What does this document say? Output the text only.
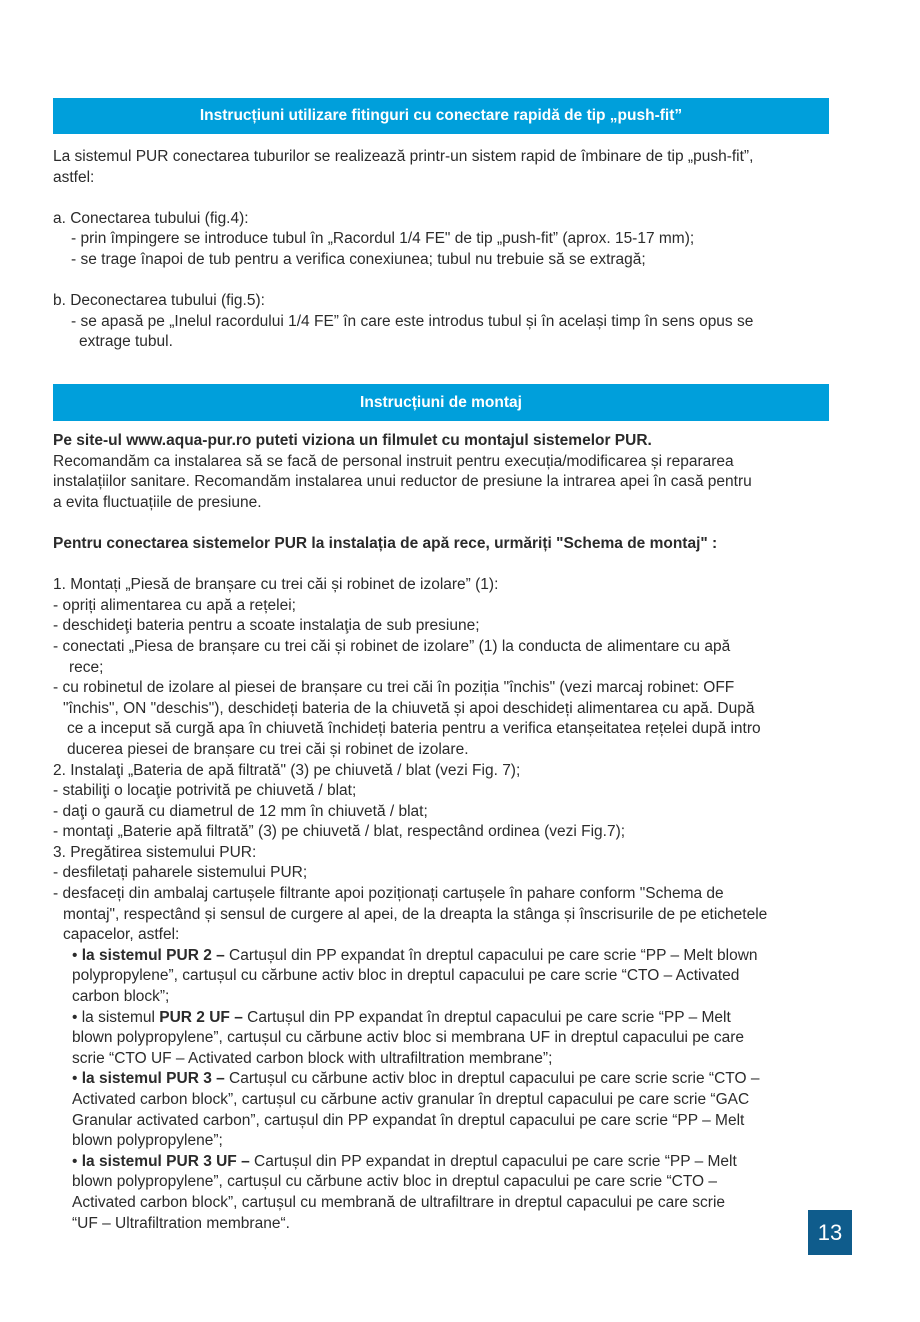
Instrucțiuni utilizare fitinguri cu conectare rapidă de tip „push-fit”
La sistemul PUR conectarea tuburilor se realizează printr-un sistem rapid de îmbinare de tip „push-fit”,
astfel:
a. Conectarea tubului (fig.4):
- prin împingere se introduce tubul în „Racordul 1/4 FE" de tip „push-fit” (aprox. 15-17 mm);
- se trage înapoi de tub pentru a verifica conexiunea; tubul nu trebuie să se extragă;
b. Deconectarea tubului (fig.5):
- se apasă pe „Inelul racordului 1/4 FE” în care este introdus tubul și în același timp în sens opus se
extrage tubul.
Instrucțiuni de montaj
Pe site-ul www.aqua-pur.ro puteti viziona un filmulet cu montajul sistemelor PUR.
Recomandăm ca instalarea să se facă de personal instruit pentru execuția/modificarea și repararea
instalațiilor sanitare. Recomandăm instalarea unui reductor de presiune la intrarea apei în casă pentru
a evita fluctuațiile de presiune.
Pentru conectarea sistemelor PUR la instalația de apă rece, urmăriți "Schema de montaj" :
1. Montați „Piesă de branșare cu trei căi și robinet de izolare” (1):
- opriți alimentarea cu apă a rețelei;
- deschideţi bateria pentru a scoate instalaţia de sub presiune;
- conectati „Piesa de branșare cu trei căi și robinet de izolare” (1) la conducta de alimentare cu apă
rece;
- cu robinetul de izolare al piesei de branșare cu trei căi în poziția "închis" (vezi marcaj robinet: OFF
"închis", ON "deschis"), deschideți bateria de la chiuvetă și apoi deschideți alimentarea cu apă. După
ce a inceput să curgă apa în chiuvetă închideți bateria pentru a verifica etanșeitatea rețelei după intro
ducerea piesei de branșare cu trei căi și robinet de izolare.
2. Instalaţi „Bateria de apă filtrată" (3) pe chiuvetă / blat (vezi Fig. 7);
- stabiliţi o locaţie potrivită pe chiuvetă / blat;
- daţi o gaură cu diametrul de 12 mm în chiuvetă / blat;
- montaţi „Baterie apă filtrată” (3) pe chiuvetă / blat, respectând ordinea (vezi Fig.7);
3. Pregătirea sistemului PUR:
- desfiletați paharele sistemului PUR;
- desfaceți din ambalaj cartușele filtrante apoi poziționați cartușele în pahare conform "Schema de
montaj", respectând și sensul de curgere al apei, de la dreapta la stânga și înscrisurile de pe etichetele
capacelor, astfel:
• la sistemul PUR 2 – Cartușul din PP expandat în dreptul capacului pe care scrie “PP – Melt blown
polypropylene”, cartușul cu cărbune activ bloc in dreptul capacului pe care scrie “CTO – Activated
carbon block”;
• la sistemul PUR 2 UF – Cartușul din PP expandat în dreptul capacului pe care scrie “PP – Melt
blown polypropylene”, cartușul cu cărbune activ bloc si membrana UF in dreptul capacului pe care
scrie “CTO UF – Activated carbon block with ultrafiltration membrane”;
• la sistemul PUR 3 – Cartușul cu cărbune activ bloc in dreptul capacului pe care scrie scrie “CTO –
Activated carbon block”, cartușul cu cărbune activ granular în dreptul capacului pe care scrie “GAC
Granular activated carbon”, cartușul din PP expandat în dreptul capacului pe care scrie “PP – Melt
blown polypropylene”;
• la sistemul PUR 3 UF – Cartușul din PP expandat in dreptul capacului pe care scrie “PP – Melt
blown polypropylene”, cartușul cu cărbune activ bloc in dreptul capacului pe care scrie “CTO –
Activated carbon block”, cartușul cu membrană de ultrafiltrare in dreptul capacului pe care scrie
“UF – Ultrafiltration membrane“.	13
